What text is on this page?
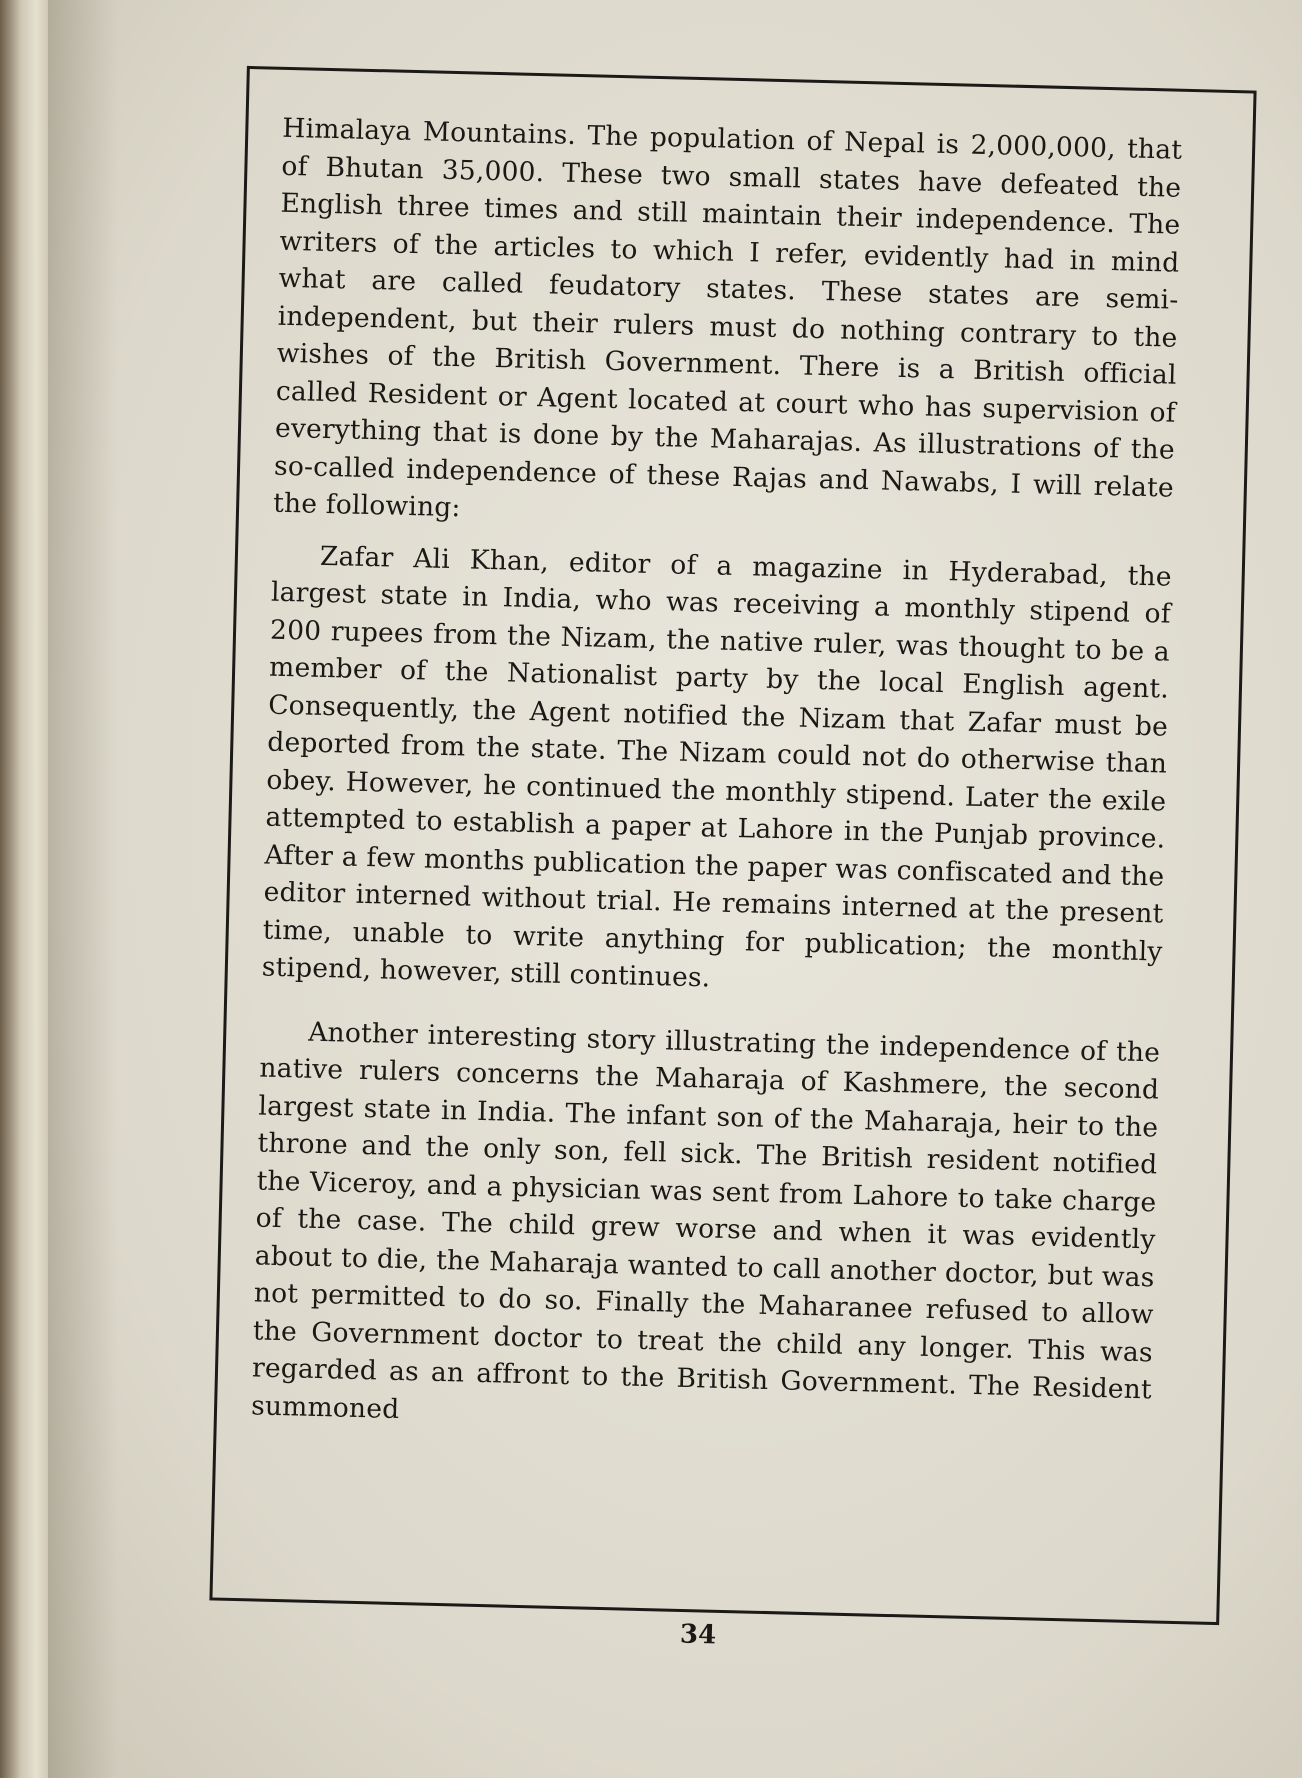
Himalaya Mountains. The population of Nepal is 2,000,000, that of Bhutan 35,000. These two small states have defeated the English three times and still maintain their independence. The writers of the articles to which I refer, evidently had in mind what are called feudatory states. These states are semi-independent, but their rulers must do nothing contrary to the wishes of the British Government. There is a British official called Resident or Agent located at court who has supervision of everything that is done by the Maharajas. As illustrations of the so-called independence of these Rajas and Nawabs, I will relate the following:

Zafar Ali Khan, editor of a magazine in Hyderabad, the largest state in India, who was receiving a monthly stipend of 200 rupees from the Nizam, the native ruler, was thought to be a member of the Nationalist party by the local English agent. Consequently, the Agent notified the Nizam that Zafar must be deported from the state. The Nizam could not do otherwise than obey. However, he continued the monthly stipend. Later the exile attempted to establish a paper at Lahore in the Punjab province. After a few months publication the paper was confiscated and the editor interned without trial. He remains interned at the present time, unable to write anything for publication; the monthly stipend, however, still continues.

Another interesting story illustrating the independence of the native rulers concerns the Maharaja of Kashmere, the second largest state in India. The infant son of the Maharaja, heir to the throne and the only son, fell sick. The British resident notified the Viceroy, and a physician was sent from Lahore to take charge of the case. The child grew worse and when it was evidently about to die, the Maharaja wanted to call another doctor, but was not permitted to do so. Finally the Maharanee refused to allow the Government doctor to treat the child any longer. This was regarded as an affront to the British Government. The Resident summoned

34
